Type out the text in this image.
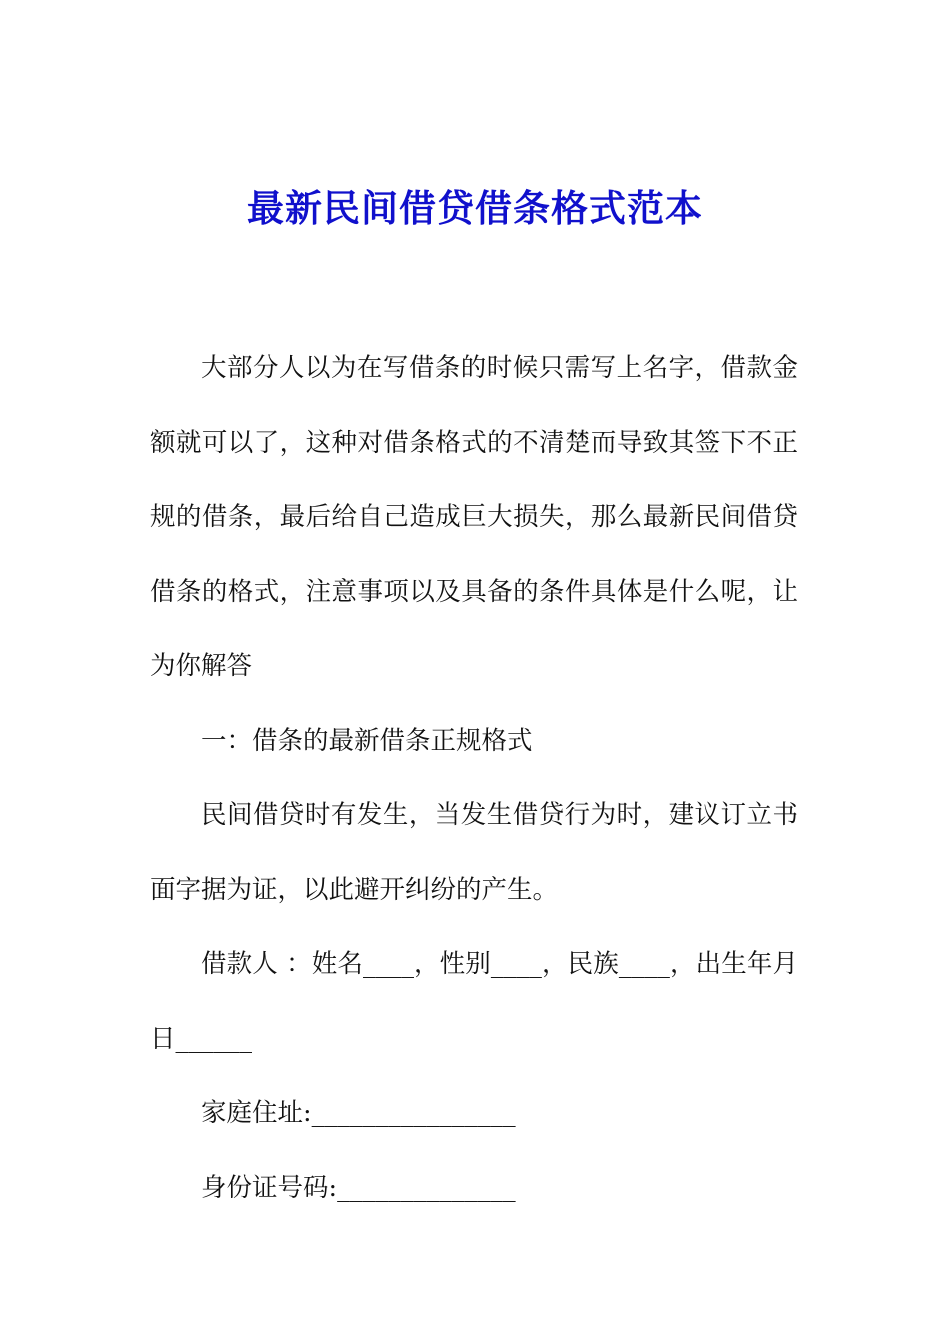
最新民间借贷借条格式范本

大部分人以为在写借条的时候只需写上名字，借款金额就可以了，这种对借条格式的不清楚而导致其签下不正规的借条，最后给自己造成巨大损失，那么最新民间借贷借条的格式，注意事项以及具备的条件具体是什么呢，让为你解答

一：借条的最新借条正规格式

民间借贷时有发生，当发生借贷行为时，建议订立书面字据为证，以此避开纠纷的产生。

借款人 ：姓名____，性别____，民族____，出生年月日______

家庭住址:________________

身份证号码:______________
